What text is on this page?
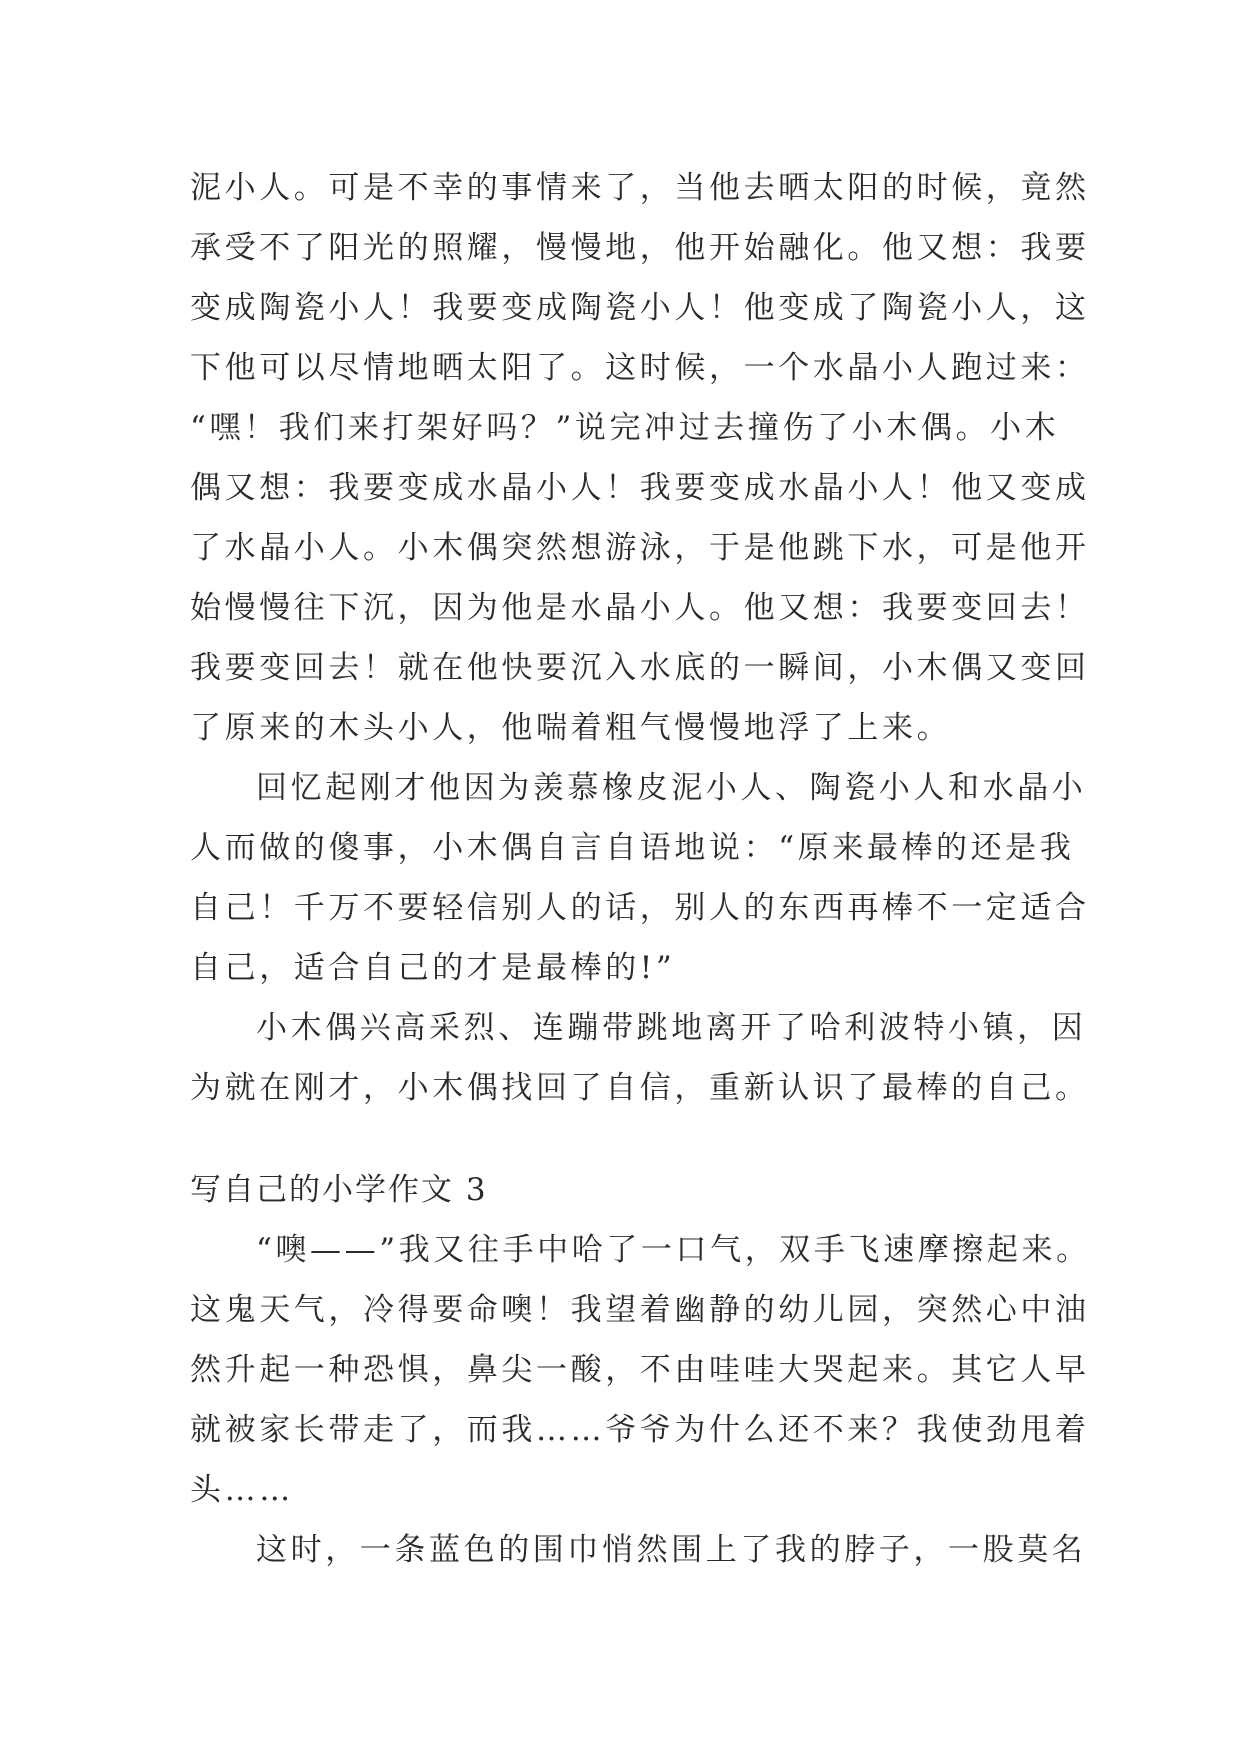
泥小人。可是不幸的事情来了，当他去晒太阳的时候，竟然
承受不了阳光的照耀，慢慢地，他开始融化。他又想：我要
变成陶瓷小人！我要变成陶瓷小人！他变成了陶瓷小人，这
下他可以尽情地晒太阳了。这时候，一个水晶小人跑过来：
“嘿！我们来打架好吗？”说完冲过去撞伤了小木偶。小木
偶又想：我要变成水晶小人！我要变成水晶小人！他又变成
了水晶小人。小木偶突然想游泳，于是他跳下水，可是他开
始慢慢往下沉，因为他是水晶小人。他又想：我要变回去！
我要变回去！就在他快要沉入水底的一瞬间，小木偶又变回
了原来的木头小人，他喘着粗气慢慢地浮了上来。
回忆起刚才他因为羡慕橡皮泥小人、陶瓷小人和水晶小
人而做的傻事，小木偶自言自语地说：“原来最棒的还是我
自己！千万不要轻信别人的话，别人的东西再棒不一定适合
自己，适合自己的才是最棒的!”
小木偶兴高采烈、连蹦带跳地离开了哈利波特小镇，因
为就在刚才，小木偶找回了自信，重新认识了最棒的自己。
写自己的小学作文 3
“噢——”我又往手中哈了一口气，双手飞速摩擦起来。
这鬼天气，冷得要命噢！我望着幽静的幼儿园，突然心中油
然升起一种恐惧，鼻尖一酸，不由哇哇大哭起来。其它人早
就被家长带走了，而我……爷爷为什么还不来？我使劲甩着
头……
这时，一条蓝色的围巾悄然围上了我的脖子，一股莫名
